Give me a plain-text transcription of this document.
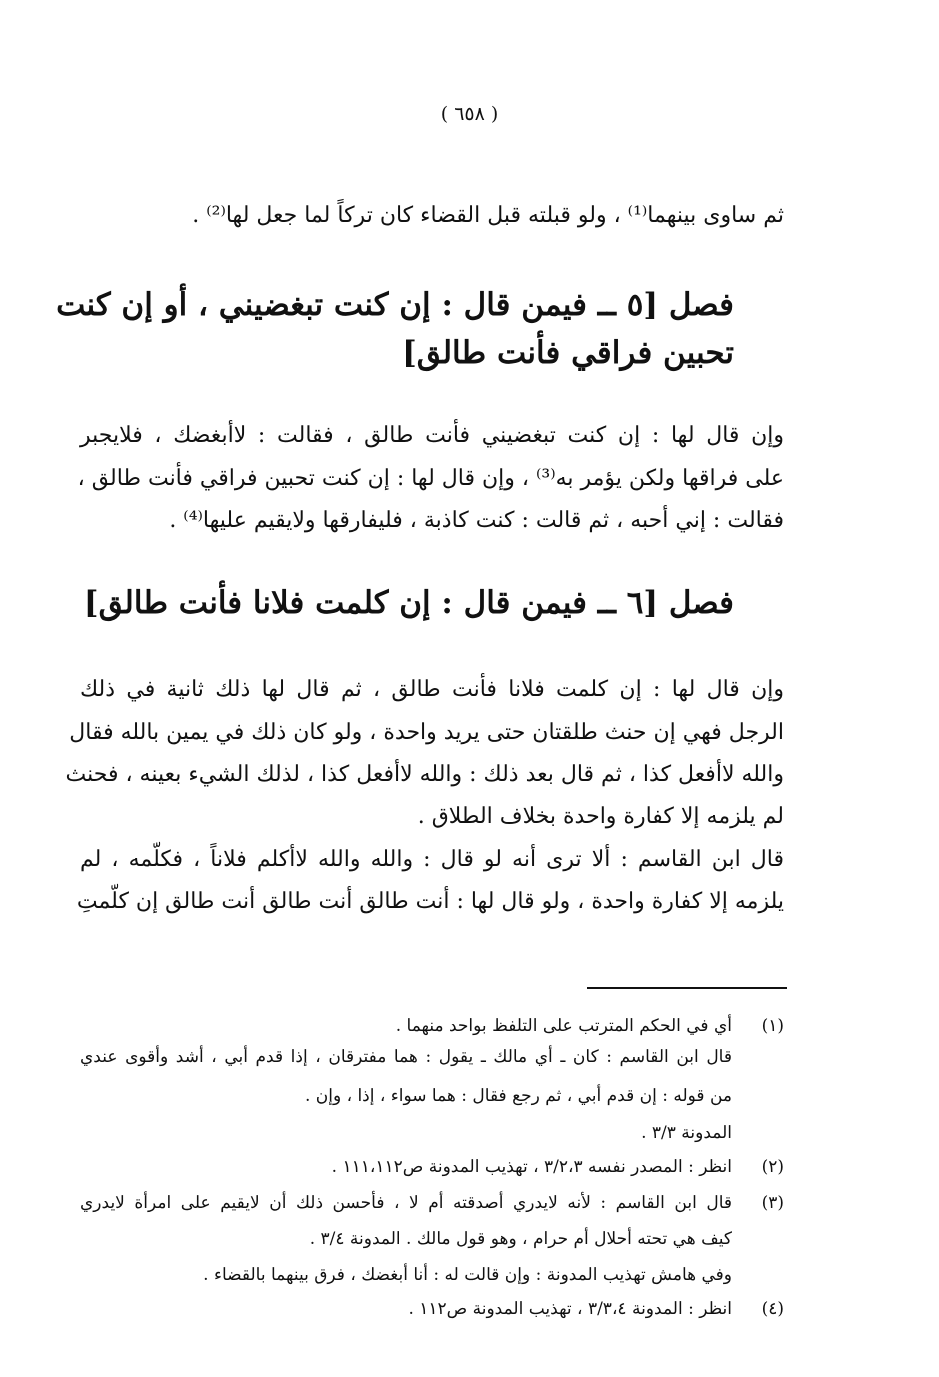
( ٦٥٨ )
ثم ساوى بينهما⁽¹⁾ ، ولو قبلته قبل القضاء كان تركاً لما جعل لها⁽²⁾ .
فصل [٥ ــ فيمن قال : إن كنت تبغضيني ، أو إن كنت
تحبين فراقي فأنت طالق]
وإن قال لها : إن كنت تبغضيني فأنت طالق ، فقالت : لاأبغضك ، فلايجبر
على فراقها ولكن يؤمر به⁽³⁾ ، وإن قال لها : إن كنت تحبين فراقي فأنت طالق ،
فقالت : إني أحبه ، ثم قالت : كنت كاذبة ، فليفارقها ولايقيم عليها⁽⁴⁾ .
فصل [٦ ــ فيمن قال : إن كلمت فلانا فأنت طالق]
وإن قال لها : إن كلمت فلانا فأنت طالق ، ثم قال لها ذلك ثانية في ذلك
الرجل فهي إن حنث طلقتان حتى يريد واحدة ، ولو كان ذلك في يمين بالله فقال
والله لاأفعل كذا ، ثم قال بعد ذلك : والله لاأفعل كذا ، لذلك الشيء بعينه ، فحنث
لم يلزمه إلا كفارة واحدة بخلاف الطلاق .
قال ابن القاسم : ألا ترى أنه لو قال : والله والله لاأكلم فلاناً ، فكلّمه ، لم
يلزمه إلا كفارة واحدة ، ولو قال لها : أنت طالق أنت طالق أنت طالق إن كلّمتِ
(١)
أي في الحكم المترتب على التلفظ بواحد منهما .
قال ابن القاسم : كان ـ أي مالك ـ يقول : هما مفترقان ، إذا قدم أبي ، أشد وأقوى عندي
من قوله : إن قدم أبي ، ثم رجع فقال : هما سواء ، إذا ، وإن .
المدونة ٣/٣ .
(٢)
انظر : المصدر نفسه ٣/٢،٣ ، تهذيب المدونة ص١١١،١١٢ .
(٣)
قال ابن القاسم : لأنه لايدري أصدقته أم لا ، فأحسن ذلك أن لايقيم على امرأة لايدري
كيف هي تحته أحلال أم حرام ، وهو قول مالك . المدونة ٣/٤ .
وفي هامش تهذيب المدونة : وإن قالت له : أنا أبغضك ، فرق بينهما بالقضاء .
(٤)
انظر : المدونة ٣/٣،٤ ، تهذيب المدونة ص١١٢ .
